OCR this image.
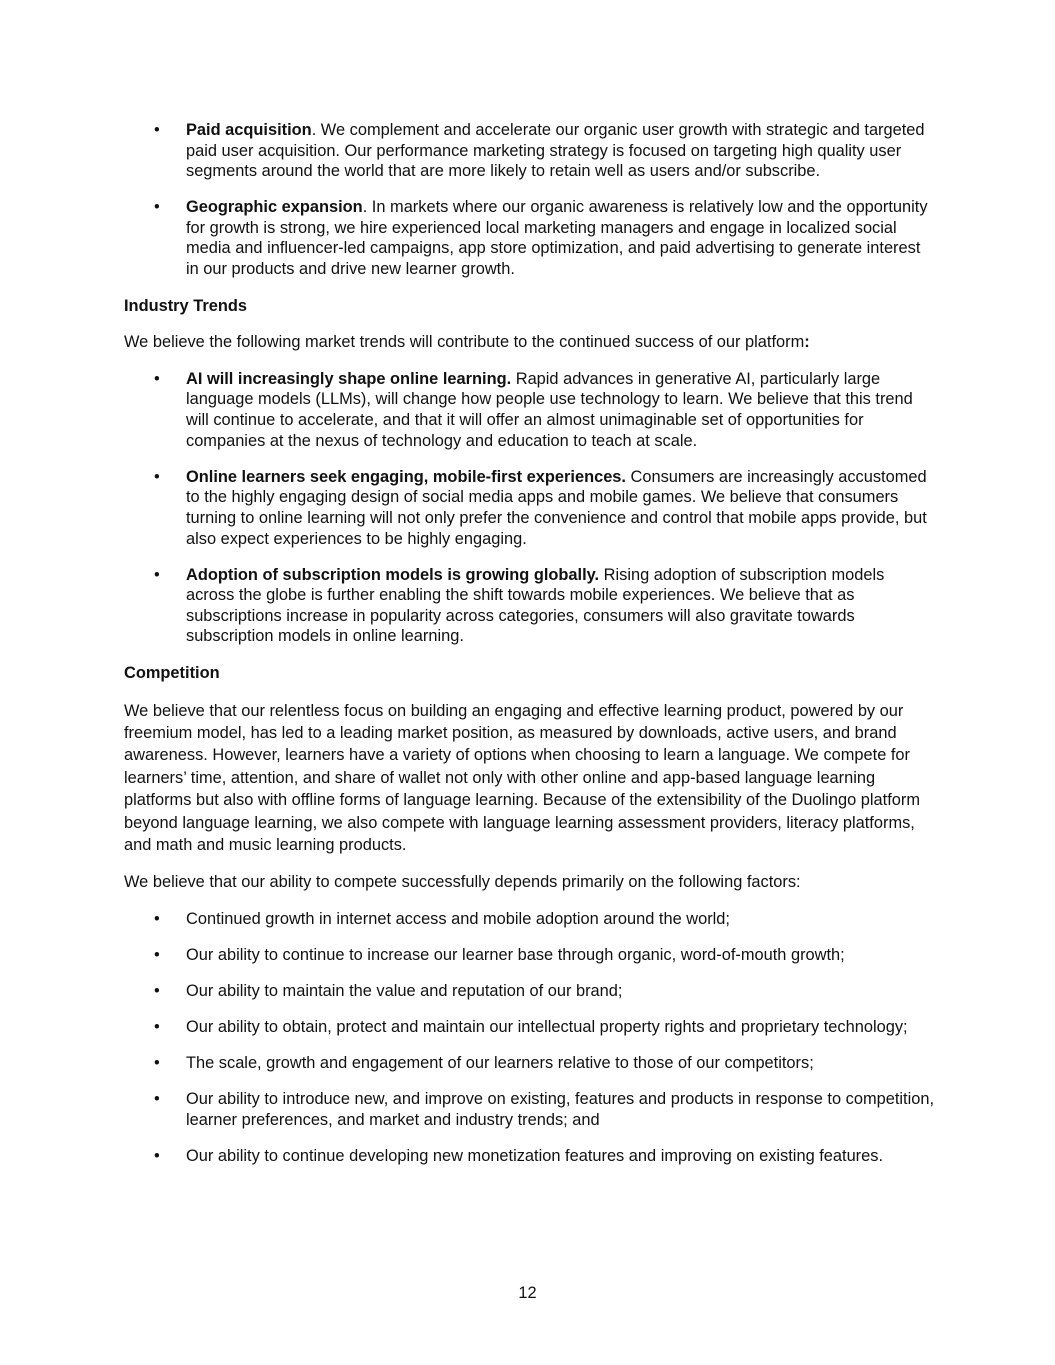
• Paid acquisition. We complement and accelerate our organic user growth with strategic and targeted paid user acquisition. Our performance marketing strategy is focused on targeting high quality user segments around the world that are more likely to retain well as users and/or subscribe.
• Geographic expansion. In markets where our organic awareness is relatively low and the opportunity for growth is strong, we hire experienced local marketing managers and engage in localized social media and influencer-led campaigns, app store optimization, and paid advertising to generate interest in our products and drive new learner growth.
Industry Trends

We believe the following market trends will contribute to the continued success of our platform:

• AI will increasingly shape online learning. Rapid advances in generative AI, particularly large language models (LLMs), will change how people use technology to learn. We believe that this trend will continue to accelerate, and that it will offer an almost unimaginable set of opportunities for companies at the nexus of technology and education to teach at scale.
• Online learners seek engaging, mobile-first experiences. Consumers are increasingly accustomed to the highly engaging design of social media apps and mobile games. We believe that consumers turning to online learning will not only prefer the convenience and control that mobile apps provide, but also expect experiences to be highly engaging.
• Adoption of subscription models is growing globally. Rising adoption of subscription models across the globe is further enabling the shift towards mobile experiences. We believe that as subscriptions increase in popularity across categories, consumers will also gravitate towards subscription models in online learning.
Competition

We believe that our relentless focus on building an engaging and effective learning product, powered by our freemium model, has led to a leading market position, as measured by downloads, active users, and brand awareness. However, learners have a variety of options when choosing to learn a language. We compete for learners’ time, attention, and share of wallet not only with other online and app-based language learning platforms but also with offline forms of language learning. Because of the extensibility of the Duolingo platform beyond language learning, we also compete with language learning assessment providers, literacy platforms, and math and music learning products.

We believe that our ability to compete successfully depends primarily on the following factors:

• Continued growth in internet access and mobile adoption around the world;
• Our ability to continue to increase our learner base through organic, word-of-mouth growth;
• Our ability to maintain the value and reputation of our brand;
• Our ability to obtain, protect and maintain our intellectual property rights and proprietary technology;
• The scale, growth and engagement of our learners relative to those of our competitors;
• Our ability to introduce new, and improve on existing, features and products in response to competition, learner preferences, and market and industry trends; and
• Our ability to continue developing new monetization features and improving on existing features.
12
